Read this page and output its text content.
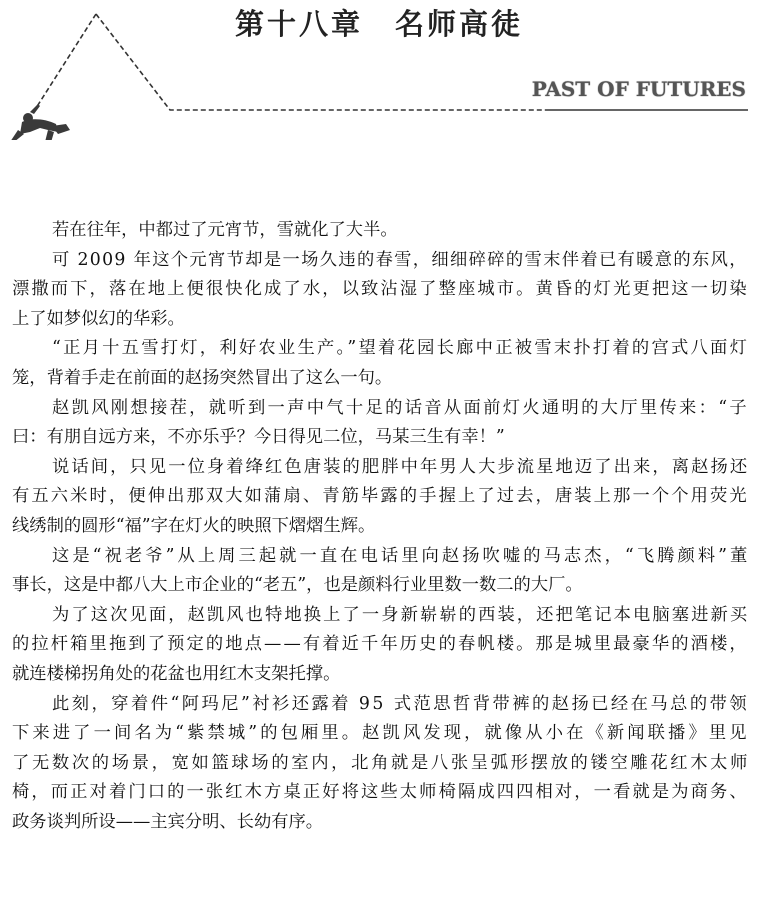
第十八章　名师高徒
PAST OF FUTURES
若在往年，中都过了元宵节，雪就化了大半。
可 2009 年这个元宵节却是一场久违的春雪，细细碎碎的雪末伴着已有暖意的东风，
漂撒而下，落在地上便很快化成了水，以致沾湿了整座城市。黄昏的灯光更把这一切染
上了如梦似幻的华彩。
“正月十五雪打灯，利好农业生产。”望着花园长廊中正被雪末扑打着的宫式八面灯
笼，背着手走在前面的赵扬突然冒出了这么一句。
赵凯风刚想接茬，就听到一声中气十足的话音从面前灯火通明的大厅里传来：“子
曰：有朋自远方来，不亦乐乎？今日得见二位，马某三生有幸！”
说话间，只见一位身着绛红色唐装的肥胖中年男人大步流星地迈了出来，离赵扬还
有五六米时，便伸出那双大如蒲扇、青筋毕露的手握上了过去，唐装上那一个个用荧光
线绣制的圆形“福”字在灯火的映照下熠熠生辉。
这是“祝老爷”从上周三起就一直在电话里向赵扬吹嘘的马志杰，“飞腾颜料”董
事长，这是中都八大上市企业的“老五”，也是颜料行业里数一数二的大厂。
为了这次见面，赵凯风也特地换上了一身新崭崭的西装，还把笔记本电脑塞进新买
的拉杆箱里拖到了预定的地点——有着近千年历史的春帆楼。那是城里最豪华的酒楼，
就连楼梯拐角处的花盆也用红木支架托撑。
此刻，穿着件“阿玛尼”衬衫还露着 95 式范思哲背带裤的赵扬已经在马总的带领
下来进了一间名为“紫禁城”的包厢里。赵凯风发现，就像从小在《新闻联播》里见
了无数次的场景，宽如篮球场的室内，北角就是八张呈弧形摆放的镂空雕花红木太师
椅，而正对着门口的一张红木方桌正好将这些太师椅隔成四四相对，一看就是为商务、
政务谈判所设——主宾分明、长幼有序。
